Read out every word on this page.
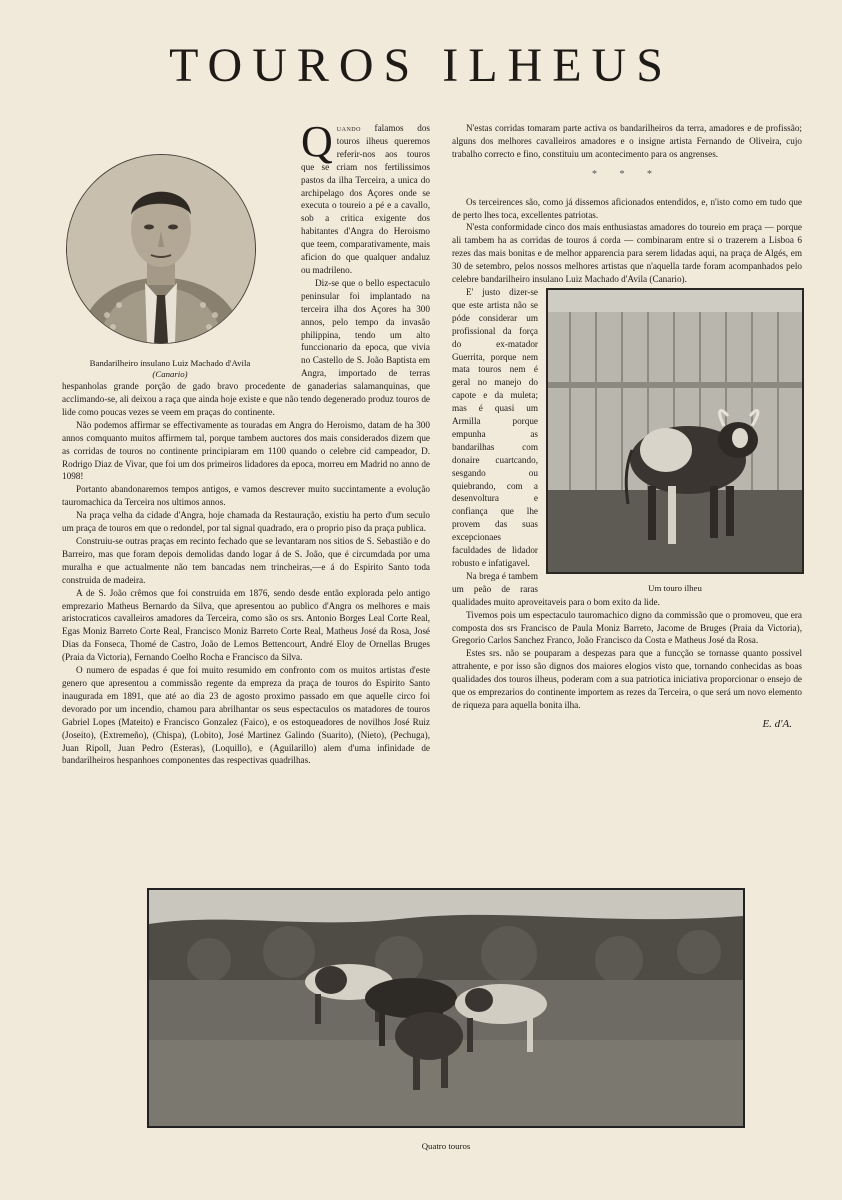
TOUROS ILHEUS
Bandarilheiro insulano Luiz Machado d'Avila
(Canario)

Quando falamos dos touros ilheus queremos referir-nos aos touros que se criam nos fertilissimos pastos da ilha Terceira, a unica do archipelago dos Açores onde se executa o toureio a pé e a cavallo, sob a critica exigente dos habitantes d'Angra do Heroismo que teem, comparativamente, mais aficion do que qualquer andaluz ou madrileno.

Diz-se que o bello espectaculo peninsular foi implantado na terceira ilha dos Açores ha 300 annos, pelo tempo da invasão philippina, tendo um alto funccionario da epoca, que vivia no Castello de S. João Baptista em Angra, importado de terras hespanholas grande porção de gado bravo procedente de ganaderias salamanquinas, que acclimando-se, ali deixou a raça que ainda hoje existe e que não tendo degenerado produz touros de lide como poucas vezes se veem em praças do continente.

Não podemos affirmar se effectivamente as touradas em Angra do Heroismo, datam de ha 300 annos comquanto muitos affirmem tal, porque tambem auctores dos mais considerados dizem que as corridas de touros no continente principiaram em 1100 quando o celebre cid campeador, D. Rodrigo Diaz de Vivar, que foi um dos primeiros lidadores da epoca, morreu em Madrid no anno de 1098!

Portanto abandonaremos tempos antigos, e vamos descrever muito succintamente a evolução tauromachica da Terceira nos ultimos annos.

Na praça velha da cidade d'Angra, hoje chamada da Restauração, existiu ha perto d'um seculo um praça de touros em que o redondel, por tal signal quadrado, era o proprio piso da praça publica.

Construiu-se outras praças em recinto fechado que se levantaram nos sitios de S. Sebastião e do Barreiro, mas que foram depois demolidas dando logar á de S. João, que é circumdada por uma muralha e que actualmente não tem bancadas nem trincheiras,—e á do Espirito Santo toda construida de madeira.

A de S. João crêmos que foi construida em 1876, sendo desde então explorada pelo antigo emprezario Matheus Bernardo da Silva, que apresentou ao publico d'Angra os melhores e mais aristocraticos cavalleiros amadores da Terceira, como são os srs. Antonio Borges Leal Corte Real, Egas Moniz Barreto Corte Real, Francisco Moniz Barreto Corte Real, Matheus José da Rosa, José Dias da Fonseca, Thomé de Castro, João de Lemos Bettencourt, André Eloy de Ornellas Bruges (Praia da Victoria), Fernando Coelho Rocha e Francisco da Silva.

O numero de espadas é que foi muito resumido em confronto com os muitos artistas d'este genero que apresentou a commissão regente da empreza da praça de touros do Espirito Santo inaugurada em 1891, que até ao dia 23 de agosto proximo passado em que aquelle circo foi devorado por um incendio, chamou para abrilhantar os seus espectaculos os matadores de touros Gabriel Lopes (Mateito) e Francisco Gonzalez (Faico), e os estoqueadores de novilhos José Ruiz (Joseito), (Extremeño), (Chispa), (Lobito), José Martinez Galindo (Suarito), (Nieto), (Pechuga), Juan Ripoll, Juan Pedro (Esteras), (Loquillo), e (Aguilarillo) alem d'uma infinidade de bandarilheiros hespanhoes componentes das respectivas quadrilhas.

N'estas corridas tomaram parte activa os bandarilheiros da terra, amadores e de profissão; alguns dos melhores cavalleiros amadores e o insigne artista Fernando de Oliveira, cujo trabalho correcto e fino, constituiu um acontecimento para os angrenses.

* * *

Os terceirences são, como já dissemos aficionados entendidos, e, n'isto como em tudo que de perto lhes toca, excellentes patriotas.

N'esta conformidade cinco dos mais enthusiastas amadores do toureio em praça — porque ali tambem ha as corridas de touros á corda — combinaram entre si o trazerem a Lisboa 6 rezes das mais bonitas e de melhor apparencia para serem lidadas aqui, na praça de Algés, em 30 de setembro, pelos nossos melhores artistas que n'aquella tarde foram acompanhados pelo celebre bandarilheiro insulano Luiz Machado d'Avila (Canario).

Um touro ilheu

E' justo dizer-se que este artista não se póde considerar um profissional da força do ex-matador Guerrita, porque nem mata touros nem é geral no manejo do capote e da muleta; mas é quasi um Armilla porque empunha as bandarilhas com donaire cuartcando, sesgando ou quiebrando, com a desenvoltura e confiança que lhe provem das suas excepcionaes faculdades de lidador robusto e infatigavel.

Na brega é tambem um peão de raras qualidades muito aproveitaveis para o bom exito da lide.

Tivemos pois um espectaculo tauromachico digno da commissão que o promoveu, que era composta dos srs Francisco de Paula Moniz Barreto, Jacome de Bruges (Praia da Victoria), Gregorio Carlos Sanchez Franco, João Francisco da Costa e Matheus José da Rosa.

Estes srs. não se pouparam a despezas para que a funcção se tornasse quanto possivel attrahente, e por isso são dignos dos maiores elogios visto que, tornando conhecidas as boas qualidades dos touros ilheus, poderam com a sua patriotica iniciativa proporcionar o ensejo de que os emprezarios do continente importem as rezes da Terceira, o que será um novo elemento de riqueza para aquella bonita ilha.

E. d'A.
Quatro touros
